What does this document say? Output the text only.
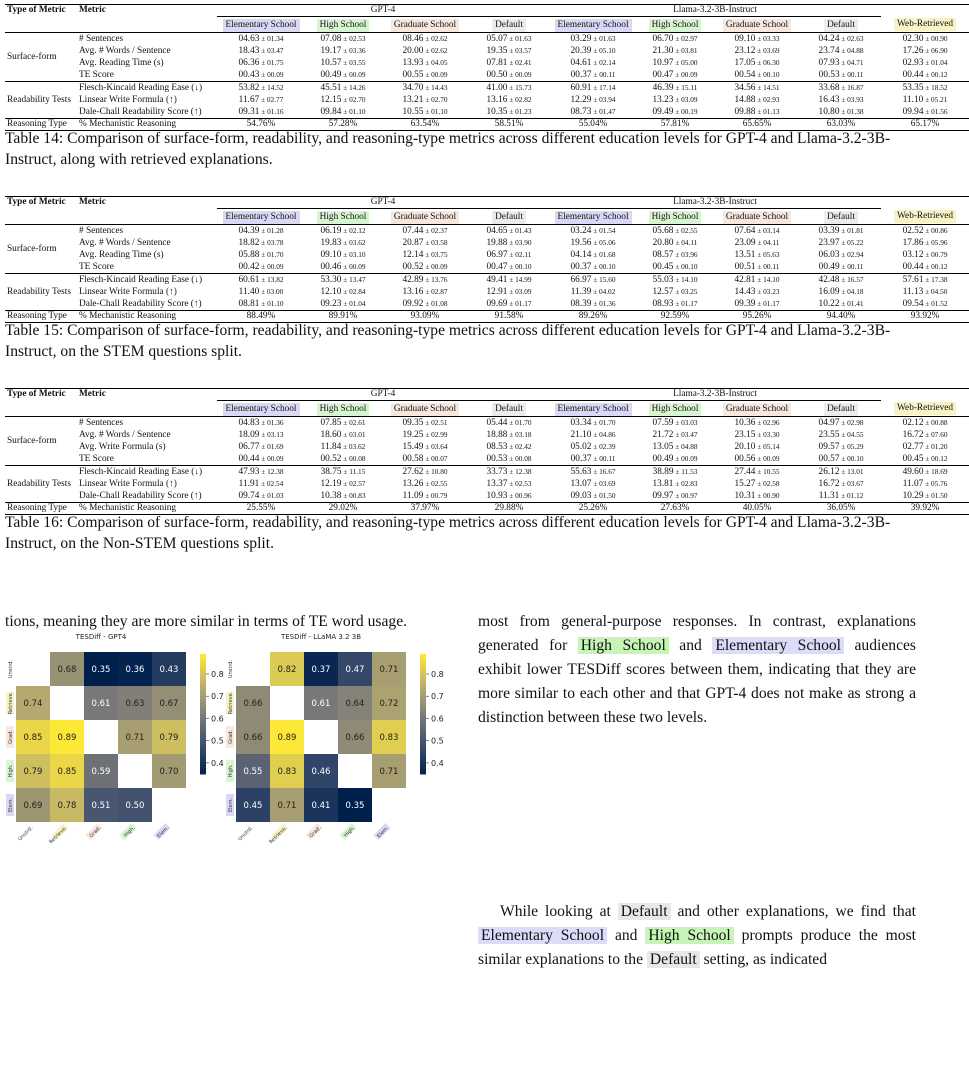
Type of Metric	Metric	GPT-4				Llama-3.2-3B-Instruct				
		Elementary School	High School	Graduate School	Default	Elementary School	High School	Graduate School	Default	Web-Retrieved
Surface-form	# Sentences	04.63 ± 01.34	07.08 ± 02.53	08.46 ± 02.62	05.07 ± 01.63	03.29 ± 01.63	06.70 ± 02.97	09.10 ± 03.33	04.24 ± 02.63	02.30 ± 00.90
	Avg. # Words / Sentence	18.43 ± 03.47	19.17 ± 03.36	20.00 ± 02.62	19.35 ± 03.57	20.39 ± 05.10	21.30 ± 03.81	23.12 ± 03.69	23.74 ± 04.88	17.26 ± 06.90
	Avg. Reading Time (s)	06.36 ± 01.75	10.57 ± 03.55	13.93 ± 04.05	07.81 ± 02.41	04.61 ± 02.14	10.97 ± 05.00	17.05 ± 06.30	07.93 ± 04.71	02.93 ± 01.04
	TE Score	00.43 ± 00.09	00.49 ± 00.09	00.55 ± 00.09	00.50 ± 00.09	00.37 ± 00.11	00.47 ± 00.09	00.54 ± 00.10	00.53 ± 00.11	00.44 ± 00.12
Readability Tests	Flesch-Kincaid Reading Ease (↓)	53.82 ± 14.52	45.51 ± 14.26	34.70 ± 14.43	41.00 ± 15.73	60.91 ± 17.14	46.39 ± 15.11	34.56 ± 14.51	33.68 ± 16.87	53.35 ± 18.52
	Linsear Write Formula (↑)	11.67 ± 02.77	12.15 ± 02.70	13.21 ± 02.70	13.16 ± 02.82	12.29 ± 03.94	13.23 ± 03.09	14.88 ± 02.93	16.43 ± 03.93	11.10 ± 05.21
	Dale-Chall Readability Score (↑)	09.31 ± 01.16	09.84 ± 01.10	10.55 ± 01.10	10.35 ± 01.23	08.73 ± 01.47	09.49 ± 00.19	09.88 ± 01.13	10.80 ± 01.38	09.94 ± 01.56
Reasoning Type	% Mechanistic Reasoning	54.76%	57.28%	63.54%	58.51%	55.04%	57.81%	65.65%	63.03%	65.17%
Table 14: Comparison of surface-form, readability, and reasoning-type metrics across different education levels for GPT-4 and Llama-3.2-3B-Instruct, along with retrieved explanations.
Type of Metric	Metric	GPT-4				Llama-3.2-3B-Instruct				
		Elementary School	High School	Graduate School	Default	Elementary School	High School	Graduate School	Default	Web-Retrieved
Surface-form	# Sentences	04.39 ± 01.28	06.19 ± 02.12	07.44 ± 02.37	04.65 ± 01.43	03.24 ± 01.54	05.68 ± 02.55	07.64 ± 03.14	03.39 ± 01.81	02.52 ± 00.86
	Avg. # Words / Sentence	18.82 ± 03.78	19.83 ± 03.62	20.87 ± 03.58	19.88 ± 03.90	19.56 ± 05.06	20.80 ± 04.11	23.09 ± 04.11	23.97 ± 05.22	17.86 ± 05.96
	Avg. Reading Time (s)	05.88 ± 01.70	09.10 ± 03.10	12.14 ± 03.75	06.97 ± 02.11	04.14 ± 01.68	08.57 ± 03.96	13.51 ± 05.63	06.03 ± 02.94	03.12 ± 00.79
	TE Score	00.42 ± 00.09	00.46 ± 00.09	00.52 ± 00.09	00.47 ± 00.10	00.37 ± 00.10	00.45 ± 00.10	00.51 ± 00.11	00.49 ± 00.11	00.44 ± 00.12
Readability Tests	Flesch-Kincaid Reading Ease (↓)	60.61 ± 13.82	53.30 ± 13.47	42.89 ± 13.76	49.41 ± 14.99	66.97 ± 15.60	55.03 ± 14.10	42.81 ± 14.10	42.48 ± 16.57	57.61 ± 17.38
	Linsear Write Formula (↑)	11.40 ± 03.00	12.10 ± 02.84	13.16 ± 02.87	12.91 ± 03.09	11.39 ± 04.02	12.57 ± 03.25	14.43 ± 03.23	16.09 ± 04.18	11.13 ± 04.50
	Dale-Chall Readability Score (↑)	08.81 ± 01.10	09.23 ± 01.04	09.92 ± 01.08	09.69 ± 01.17	08.39 ± 01.36	08.93 ± 01.17	09.39 ± 01.17	10.22 ± 01.41	09.54 ± 01.52
Reasoning Type	% Mechanistic Reasoning	88.49%	89.91%	93.09%	91.58%	89.26%	92.59%	95.26%	94.40%	93.92%
Table 15: Comparison of surface-form, readability, and reasoning-type metrics across different education levels for GPT-4 and Llama-3.2-3B-Instruct, on the STEM questions split.
Type of Metric	Metric	GPT-4				Llama-3.2-3B-Instruct				
		Elementary School	High School	Graduate School	Default	Elementary School	High School	Graduate School	Default	Web-Retrieved
Surface-form	# Sentences	04.83 ± 01.36	07.85 ± 02.61	09.35 ± 02.51	05.44 ± 01.70	03.34 ± 01.70	07.59 ± 03.03	10.36 ± 02.96	04.97 ± 02.98	02.12 ± 00.88
	Avg. # Words / Sentence	18.09 ± 03.13	18.60 ± 03.01	19.25 ± 02.99	18.88 ± 03.18	21.10 ± 04.86	21.72 ± 03.47	23.15 ± 03.30	23.55 ± 04.55	16.72 ± 07.60
	Avg. Write Formula (s)	06.77 ± 01.69	11.84 ± 03.62	15.49 ± 03.64	08.53 ± 02.42	05.02 ± 02.39	13.05 ± 04.88	20.10 ± 05.14	09.57 ± 05.29	02.77 ± 01.20
	TE Score	00.44 ± 00.09	00.52 ± 00.08	00.58 ± 00.07	00.53 ± 00.08	00.37 ± 00.11	00.49 ± 00.09	00.56 ± 00.09	00.57 ± 00.10	00.45 ± 00.12
Readability Tests	Flesch-Kincaid Reading Ease (↓)	47.93 ± 12.38	38.75 ± 11.15	27.62 ± 10.80	33.73 ± 12.38	55.63 ± 16.67	38.89 ± 11.53	27.44 ± 10.55	26.12 ± 13.01	49.60 ± 18.69
	Linsear Write Formula (↑)	11.91 ± 02.54	12.19 ± 02.57	13.26 ± 02.55	13.37 ± 02.53	13.07 ± 03.69	13.81 ± 02.83	15.27 ± 02.58	16.72 ± 03.67	11.07 ± 05.76
	Dale-Chall Readability Score (↑)	09.74 ± 01.03	10.38 ± 00.83	11.09 ± 00.79	10.93 ± 00.96	09.03 ± 01.50	09.97 ± 00.97	10.31 ± 00.90	11.31 ± 01.12	10.29 ± 01.50
Reasoning Type	% Mechanistic Reasoning	25.55%	29.02%	37.97%	29.88%	25.26%	27.63%	40.05%	36.05%	39.92%
Table 16: Comparison of surface-form, readability, and reasoning-type metrics across different education levels for GPT-4 and Llama-3.2-3B-Instruct, on the Non-STEM questions split.
tions, meaning they are more similar in terms of TE word usage.	most from general-purpose responses. In contrast, explanations generated for High School and Elementary School audiences exhibit lower TESDiff scores between them, indicating that they are more similar to each other and that GPT-4 does not make as strong a distinction between these two levels.
While looking at Default and other explanations, we find that Elementary School and High School prompts produce the most similar explanations to the Default setting, as indicated
TESDiff - GPT4
0.68 0.35 0.36 0.43
0.74	0.61 0.63 0.67
0.85 0.89	0.71 0.79
0.79 0.85 0.59	0.70
0.69 0.78 0.51 0.50
Unstrd.
Retrieve.
Grad.
High.
Elem.
Unstrd.	Retrieve.	Grad.	High.	Elem.
0.8
0.7
0.6
0.5
0.4
TESDiff - LLaMA 3.2 3B
0.82 0.37 0.47 0.71
0.66	0.61 0.64 0.72
0.66 0.89	0.66 0.83
0.55 0.83 0.46	0.71
0.45 0.71 0.41 0.35
Unstrd.
Retrieve.
Grad.
High.
Elem.
Unstrd.	Retrieve.	Grad.	High.	Elem.
0.8
0.7
0.6
0.5
0.4
